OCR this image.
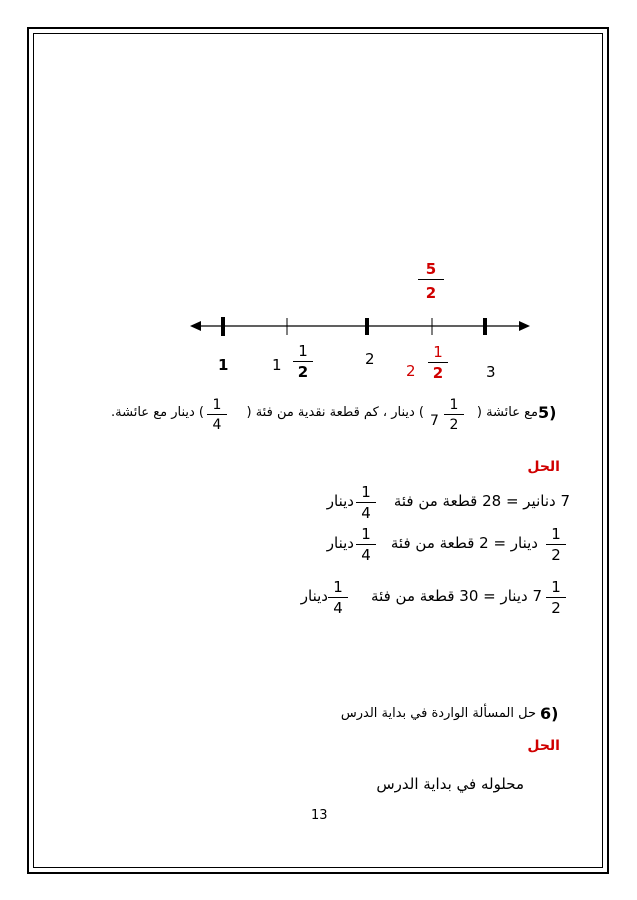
$\frac{5}{2}$
1	$1 \frac{1}{2}$	2
$2 \frac{1}{2}$	3
5)
مع عائشة (
$\frac{1}{2}$
7
) دينار ، كم قطعة نقدية من فئة (
$\frac{1}{4}$
) دينار مع عائشة.
الحل
7 دنانير = 28 قطعة من فئة
$\frac{1}{4}$
دينار
$\frac{1}{2}$
دينار = 2 قطعة من فئة
$\frac{1}{4}$
دينار
$\frac{1}{2}$
7 دينار = 30 قطعة من فئة
$\frac{1}{4}$
دينار
6)
حل المسألة الواردة في بداية الدرس
الحل
محلوله في بداية الدرس
13
